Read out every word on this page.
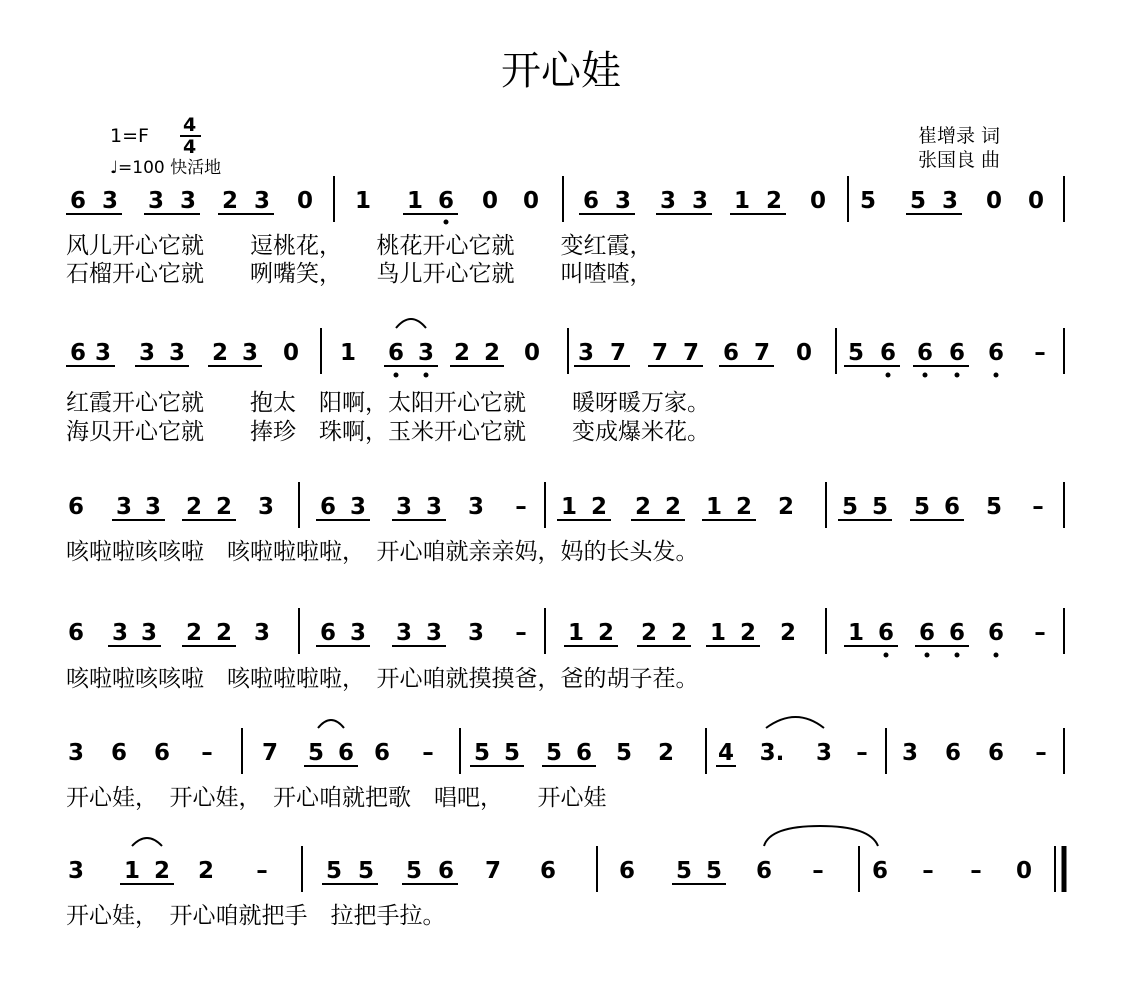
开心娃
1=F 4
4
♩=100 快活地
崔增录 词
张国良 曲
6 3 3 3 2 3 0 1 1 6 0 0 6 3 3 3 1 2 0 5 5 3 0 0
风儿开心它就　　逗桃花，　　桃花开心它就　　变红霞，
石榴开心它就　　咧嘴笑，　　鸟儿开心它就　　叫喳喳，
6 3 3 3 2 3 0 1 6 3 2 2 0 3 7 7 7 6 7 0 5 6 6 6 6 –
红霞开心它就　　抱太　阳啊，太阳开心它就　　暖呀暖万家。
海贝开心它就　　捧珍　珠啊，玉米开心它就　　变成爆米花。
6 3 3 2 2 3 6 3 3 3 3 – 1 2 2 2 1 2 2 5 5 5 6 5 –
咳啦啦咳咳啦　咳啦啦啦啦，　开心咱就亲亲妈，妈的长头发。
6 3 3 2 2 3 6 3 3 3 3 – 1 2 2 2 1 2 2 1 6 6 6 6 –
咳啦啦咳咳啦　咳啦啦啦啦，　开心咱就摸摸爸，爸的胡子茬。
3 6 6 – 7 5 6 6 – 5 5 5 6 5 2 4 3. 3 – 3 6 6 –
开心娃，　开心娃，　开心咱就把歌　唱吧，　　开心娃
3 1 2 2 –	5 5 5 6 7 6	6 5 5 6 – 6 – – 0
开心娃，　开心咱就把手　拉把手拉。
